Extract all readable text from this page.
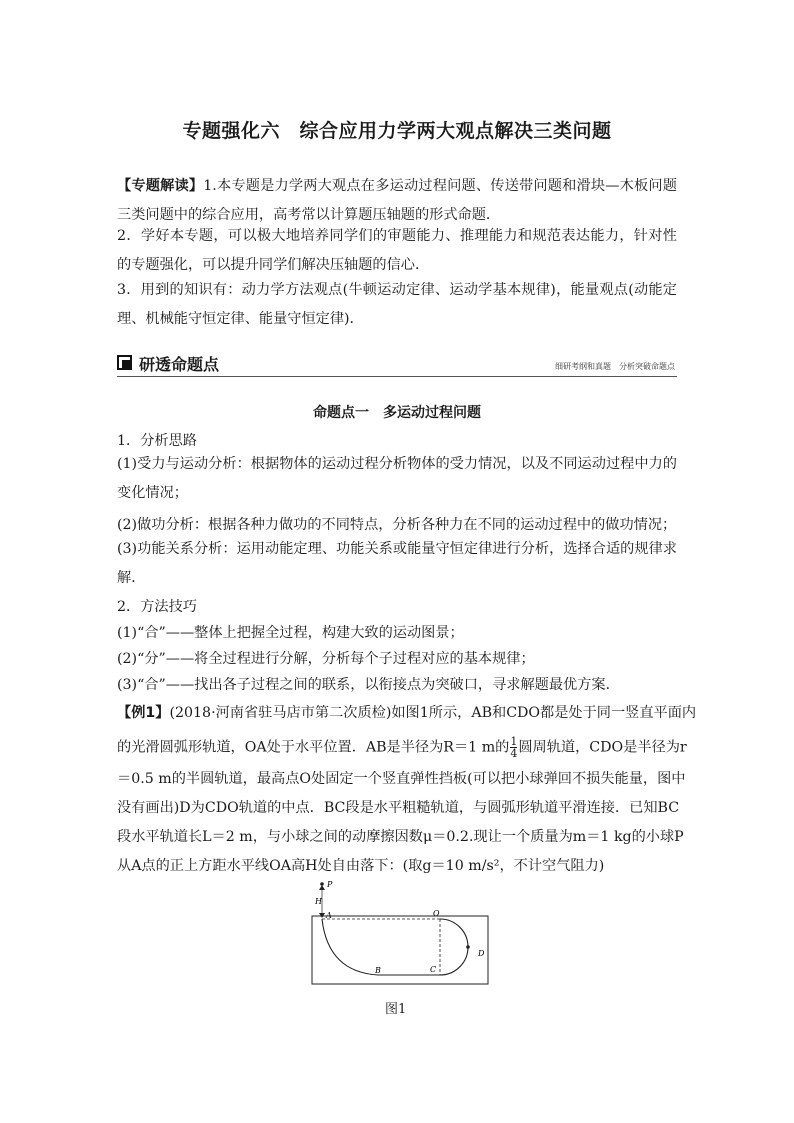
专题强化六　综合应用力学两大观点解决三类问题
【专题解读】1.本专题是力学两大观点在多运动过程问题、传送带问题和滑块—木板问题三类问题中的综合应用，高考常以计算题压轴题的形式命题．
2．学好本专题，可以极大地培养同学们的审题能力、推理能力和规范表达能力，针对性的专题强化，可以提升同学们解决压轴题的信心．
3．用到的知识有：动力学方法观点(牛顿运动定律、运动学基本规律)，能量观点(动能定理、机械能守恒定律、能量守恒定律)．
研透命题点	细研考纲和真题　分析突破命题点
命题点一　多运动过程问题
1．分析思路
(1)受力与运动分析：根据物体的运动过程分析物体的受力情况，以及不同运动过程中力的变化情况；
(2)做功分析：根据各种力做功的不同特点，分析各种力在不同的运动过程中的做功情况；
(3)功能关系分析：运用动能定理、功能关系或能量守恒定律进行分析，选择合适的规律求解．
2．方法技巧
(1)“合”——整体上把握全过程，构建大致的运动图景；
(2)“分”——将全过程进行分解，分析每个子过程对应的基本规律；
(3)“合”——找出各子过程之间的联系，以衔接点为突破口，寻求解题最优方案．
【例1】(2018·河南省驻马店市第二次质检)如图1所示，AB和CDO都是处于同一竖直平面内
的光滑圆弧形轨道，OA处于水平位置．AB是半径为R＝1 m的 $\frac{1}{4}$ 圆周轨道，CDO是半径为r
＝0.5 m的半圆轨道，最高点O处固定一个竖直弹性挡板(可以把小球弹回不损失能量，图中
没有画出)D为CDO轨道的中点．BC段是水平粗糙轨道，与圆弧形轨道平滑连接．已知BC
段水平轨道长L＝2 m，与小球之间的动摩擦因数μ＝0.2.现让一个质量为m＝1 kg的小球P
从A点的正上方距水平线OA高H处自由落下：(取g＝10 m/s²，不计空气阻力)
P
H
A	O
D
B	C
图1
